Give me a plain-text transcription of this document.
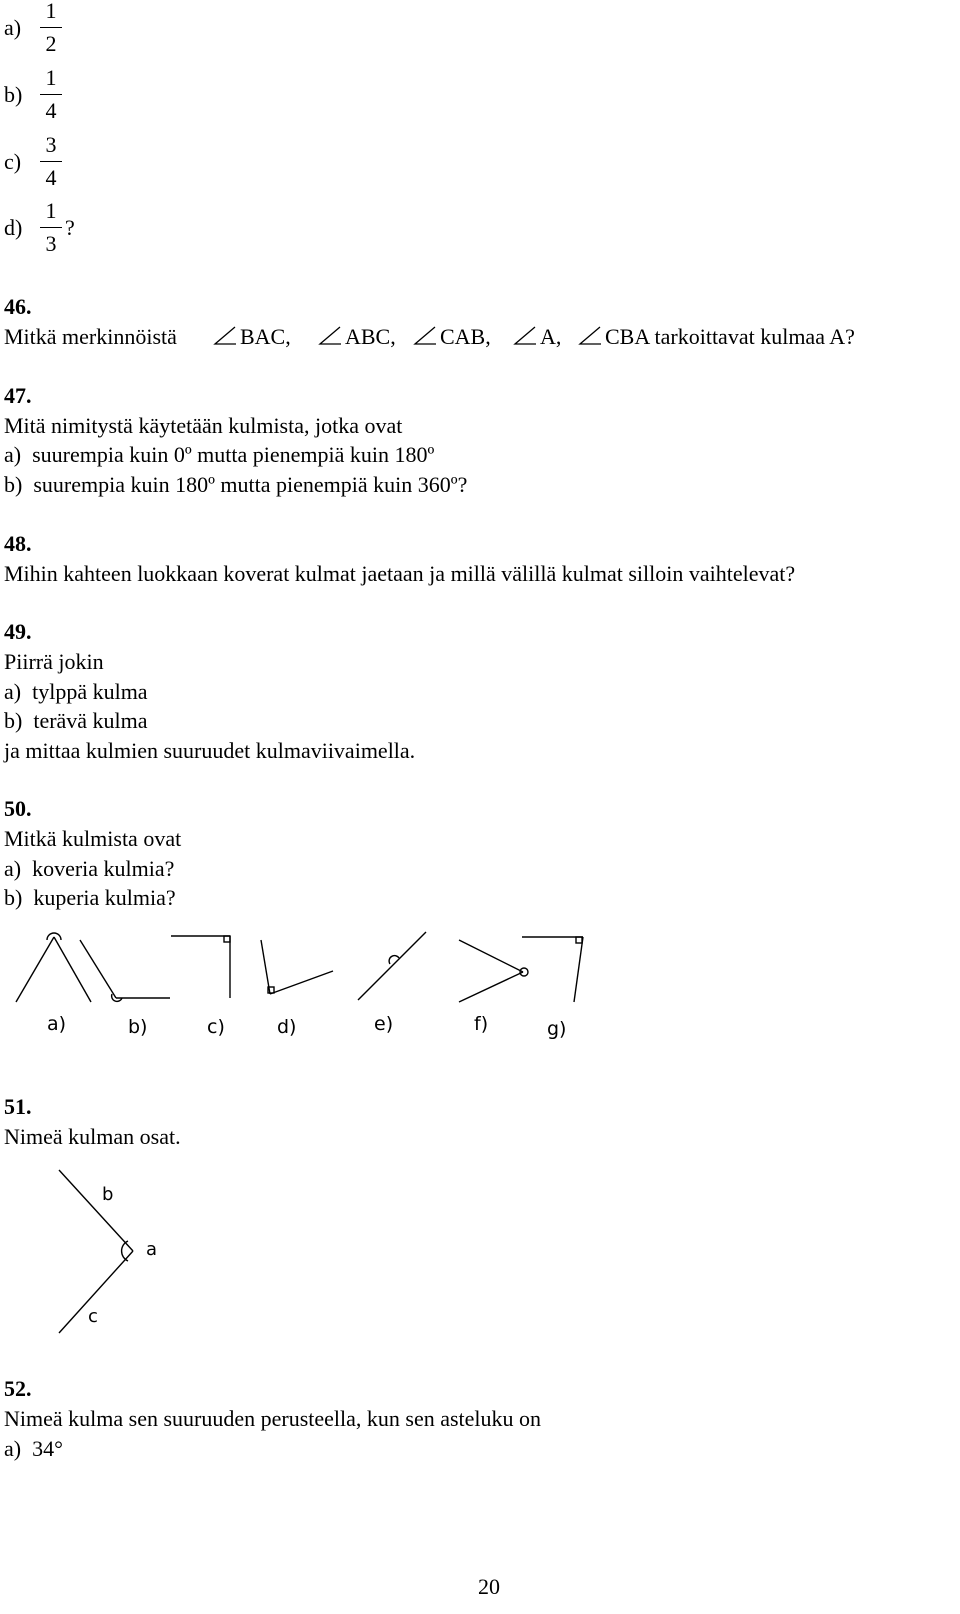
a)
1
2
b)
1
4
c)
3
4
d)
1
3
?
46.
Mitkä merkinnöistä	BAC, ABC, CAB, A, CBA tarkoittavat kulmaa A?
47.
Mitä nimitystä käytetään kulmista, jotka ovat
a)  suurempia kuin 0º mutta pienempiä kuin 180º
b)  suurempia kuin 180º mutta pienempiä kuin 360º?
48.
Mihin kahteen luokkaan koverat kulmat jaetaan ja millä välillä kulmat silloin vaihtelevat?
49.
Piirrä jokin
a)  tylppä kulma
b)  terävä kulma
ja mittaa kulmien suuruudet kulmaviivaimella.
50.
Mitkä kulmista ovat
a)  koveria kulmia?
b)  kuperia kulmia?
a)	b)	c)	d)	e)	f)	g)
51.
Nimeä kulman osat.
b
a
c
52.
Nimeä kulma sen suuruuden perusteella, kun sen asteluku on
a)  34°
20
